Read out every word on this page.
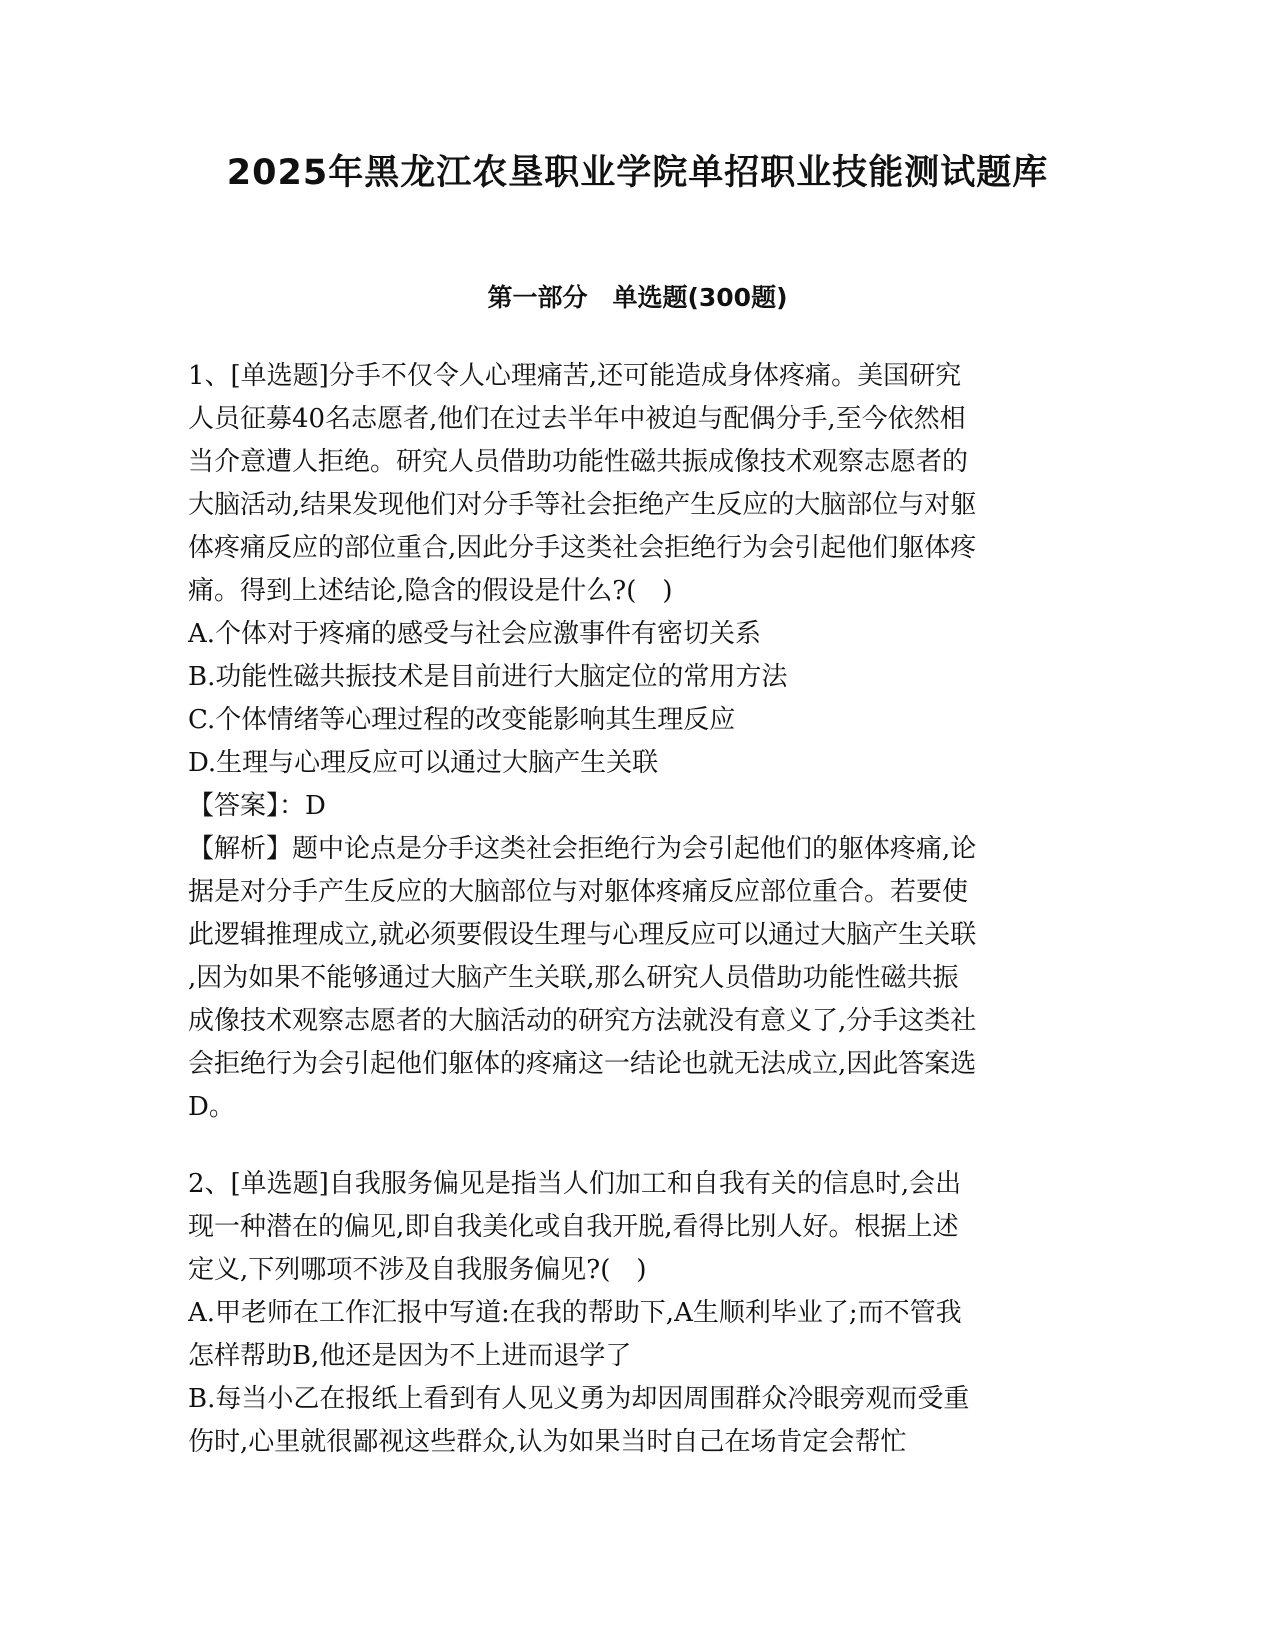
2025年黑龙江农垦职业学院单招职业技能测试题库
第一部分　单选题(300题)
1、[单选题]分手不仅令人心理痛苦,还可能造成身体疼痛。美国研究
人员征募40名志愿者,他们在过去半年中被迫与配偶分手,至今依然相
当介意遭人拒绝。研究人员借助功能性磁共振成像技术观察志愿者的
大脑活动,结果发现他们对分手等社会拒绝产生反应的大脑部位与对躯
体疼痛反应的部位重合,因此分手这类社会拒绝行为会引起他们躯体疼
痛。得到上述结论,隐含的假设是什么?(　)
A.个体对于疼痛的感受与社会应激事件有密切关系
B.功能性磁共振技术是目前进行大脑定位的常用方法
C.个体情绪等心理过程的改变能影响其生理反应
D.生理与心理反应可以通过大脑产生关联
【答案】：D
【解析】题中论点是分手这类社会拒绝行为会引起他们的躯体疼痛,论
据是对分手产生反应的大脑部位与对躯体疼痛反应部位重合。若要使
此逻辑推理成立,就必须要假设生理与心理反应可以通过大脑产生关联
,因为如果不能够通过大脑产生关联,那么研究人员借助功能性磁共振
成像技术观察志愿者的大脑活动的研究方法就没有意义了,分手这类社
会拒绝行为会引起他们躯体的疼痛这一结论也就无法成立,因此答案选
D。
2、[单选题]自我服务偏见是指当人们加工和自我有关的信息时,会出
现一种潜在的偏见,即自我美化或自我开脱,看得比别人好。根据上述
定义,下列哪项不涉及自我服务偏见?(　)
A.甲老师在工作汇报中写道:在我的帮助下,A生顺利毕业了;而不管我
怎样帮助B,他还是因为不上进而退学了
B.每当小乙在报纸上看到有人见义勇为却因周围群众冷眼旁观而受重
伤时,心里就很鄙视这些群众,认为如果当时自己在场肯定会帮忙
